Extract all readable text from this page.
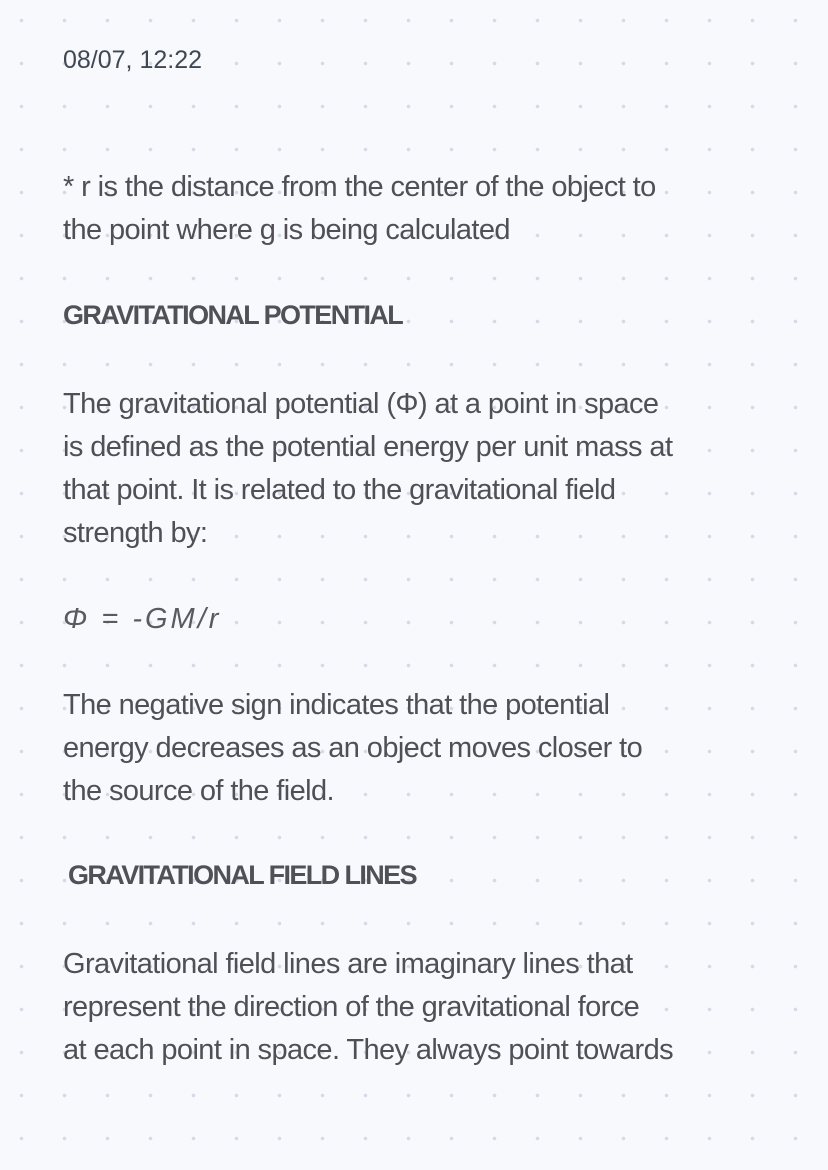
08/07, 12:22
* r is the distance from the center of the object to
the point where g is being calculated
GRAVITATIONAL POTENTIAL
The gravitational potential (Φ) at a point in space
is defined as the potential energy per unit mass at
that point. It is related to the gravitational field
strength by:
Φ = -GM/r
The negative sign indicates that the potential
energy decreases as an object moves closer to
the source of the field.
GRAVITATIONAL FIELD LINES
Gravitational field lines are imaginary lines that
represent the direction of the gravitational force
at each point in space. They always point towards
